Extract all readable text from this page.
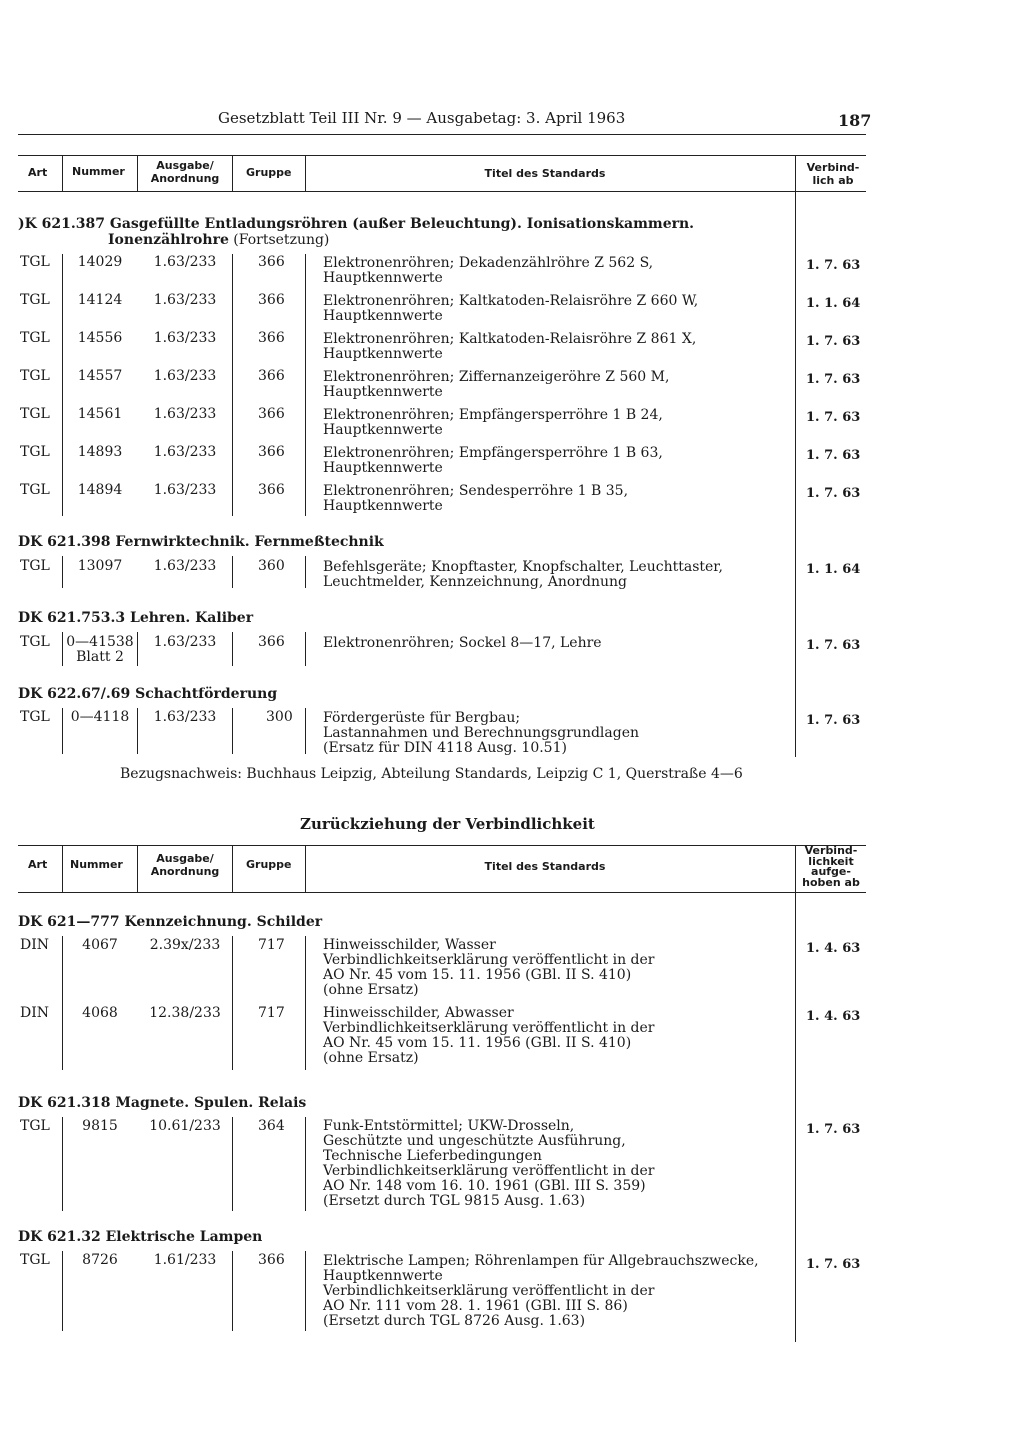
Gesetzblatt Teil III Nr. 9 — Ausgabetag: 3. April 1963	187
Art Nummer	Ausgabe/
Anordnung	Gruppe	Titel des Standards	Verbind-
lich ab
)K 621.387 Gasgefüllte Entladungsröhren (außer Beleuchtung). Ionisationskammern.
Ionenzählrohre (Fortsetzung)
TGL	14029	1.63/233	366	Elektronenröhren; Dekadenzählröhre Z 562 S,
Hauptkennwerte
1. 7. 63
TGL	14124	1.63/233	366	Elektronenröhren; Kaltkatoden-Relaisröhre Z 660 W,
Hauptkennwerte
1. 1. 64
TGL	14556	1.63/233	366	Elektronenröhren; Kaltkatoden-Relaisröhre Z 861 X,
Hauptkennwerte
1. 7. 63
TGL	14557	1.63/233	366	Elektronenröhren; Ziffernanzeigeröhre Z 560 M,
Hauptkennwerte
1. 7. 63
TGL	14561	1.63/233	366	Elektronenröhren; Empfängersperröhre 1 B 24,
Hauptkennwerte
1. 7. 63
TGL	14893	1.63/233	366	Elektronenröhren; Empfängersperröhre 1 B 63,
Hauptkennwerte
1. 7. 63
TGL	14894	1.63/233	366	Elektronenröhren; Sendesperröhre 1 B 35,
Hauptkennwerte
1. 7. 63
DK 621.398 Fernwirktechnik. Fernmeßtechnik
TGL	13097	1.63/233	360	Befehlsgeräte; Knopftaster, Knopfschalter, Leuchttaster,
Leuchtmelder, Kennzeichnung, Anordnung
1. 1. 64
DK 621.753.3 Lehren. Kaliber
TGL 0—41538
Blatt 2
1.63/233	366	Elektronenröhren; Sockel 8—17, Lehre	1. 7. 63
DK 622.67/.69 Schachtförderung
TGL	0—4118	1.63/233	300 Fördergerüste für Bergbau;
Lastannahmen und Berechnungsgrundlagen
(Ersatz für DIN 4118 Ausg. 10.51)
1. 7. 63
Bezugsnachweis: Buchhaus Leipzig, Abteilung Standards, Leipzig C 1, Querstraße 4—6
Zurückziehung der Verbindlichkeit
Art Nummer	Ausgabe/
Anordnung
Gruppe	Titel des Standards
Verbind-
lichkeit
aufge-
hoben ab
DK 621—777 Kennzeichnung. Schilder
DIN	4067	2.39x/233	717	Hinweisschilder, Wasser
Verbindlichkeitserklärung veröffentlicht in der
AO Nr. 45 vom 15. 11. 1956 (GBl. II S. 410)
(ohne Ersatz)
1. 4. 63
DIN	4068	12.38/233	717	Hinweisschilder, Abwasser
Verbindlichkeitserklärung veröffentlicht in der
AO Nr. 45 vom 15. 11. 1956 (GBl. II S. 410)
(ohne Ersatz)
1. 4. 63
DK 621.318 Magnete. Spulen. Relais
TGL	9815	10.61/233	364	Funk-Entstörmittel; UKW-Drosseln,
Geschützte und ungeschützte Ausführung,
Technische Lieferbedingungen
Verbindlichkeitserklärung veröffentlicht in der
AO Nr. 148 vom 16. 10. 1961 (GBl. III S. 359)
(Ersetzt durch TGL 9815 Ausg. 1.63)
1. 7. 63
DK 621.32 Elektrische Lampen
TGL	8726	1.61/233	366	Elektrische Lampen; Röhrenlampen für Allgebrauchszwecke,
Hauptkennwerte
Verbindlichkeitserklärung veröffentlicht in der
AO Nr. 111 vom 28. 1. 1961 (GBl. III S. 86)
(Ersetzt durch TGL 8726 Ausg. 1.63)
1. 7. 63
